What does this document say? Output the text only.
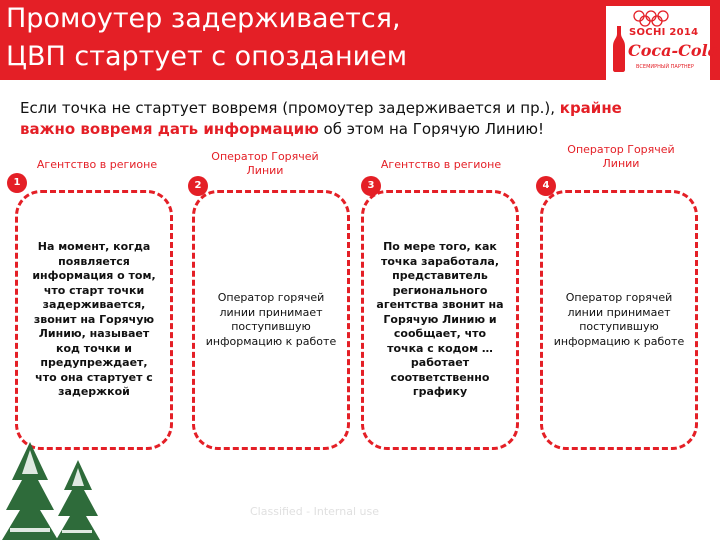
Промоутер задерживается,
ЦВП стартует с опозданием
SOCHI 2014
Coca-Cola
ВСЕМИРНЫЙ ПАРТНЕР
Если точка не стартует вовремя (промоутер задерживается и пр.), крайне важно вовремя дать информацию об этом на Горячую Линию!
Агентство в регионе
1
На момент, когда появляется информация о том, что старт точки задерживается, звонит на Горячую Линию, называет код точки и предупреждает, что она стартует с задержкой
Оператор Горячей Линии
2
Оператор горячей линии принимает поступившую информацию к работе
Агентство в регионе
3
По мере того, как точка заработала, представитель регионального агентства звонит на Горячую Линию и сообщает, что точка с кодом … работает соответственно графику
Оператор Горячей Линии
4
Оператор горячей линии принимает поступившую информацию к работе
Classified - Internal use
